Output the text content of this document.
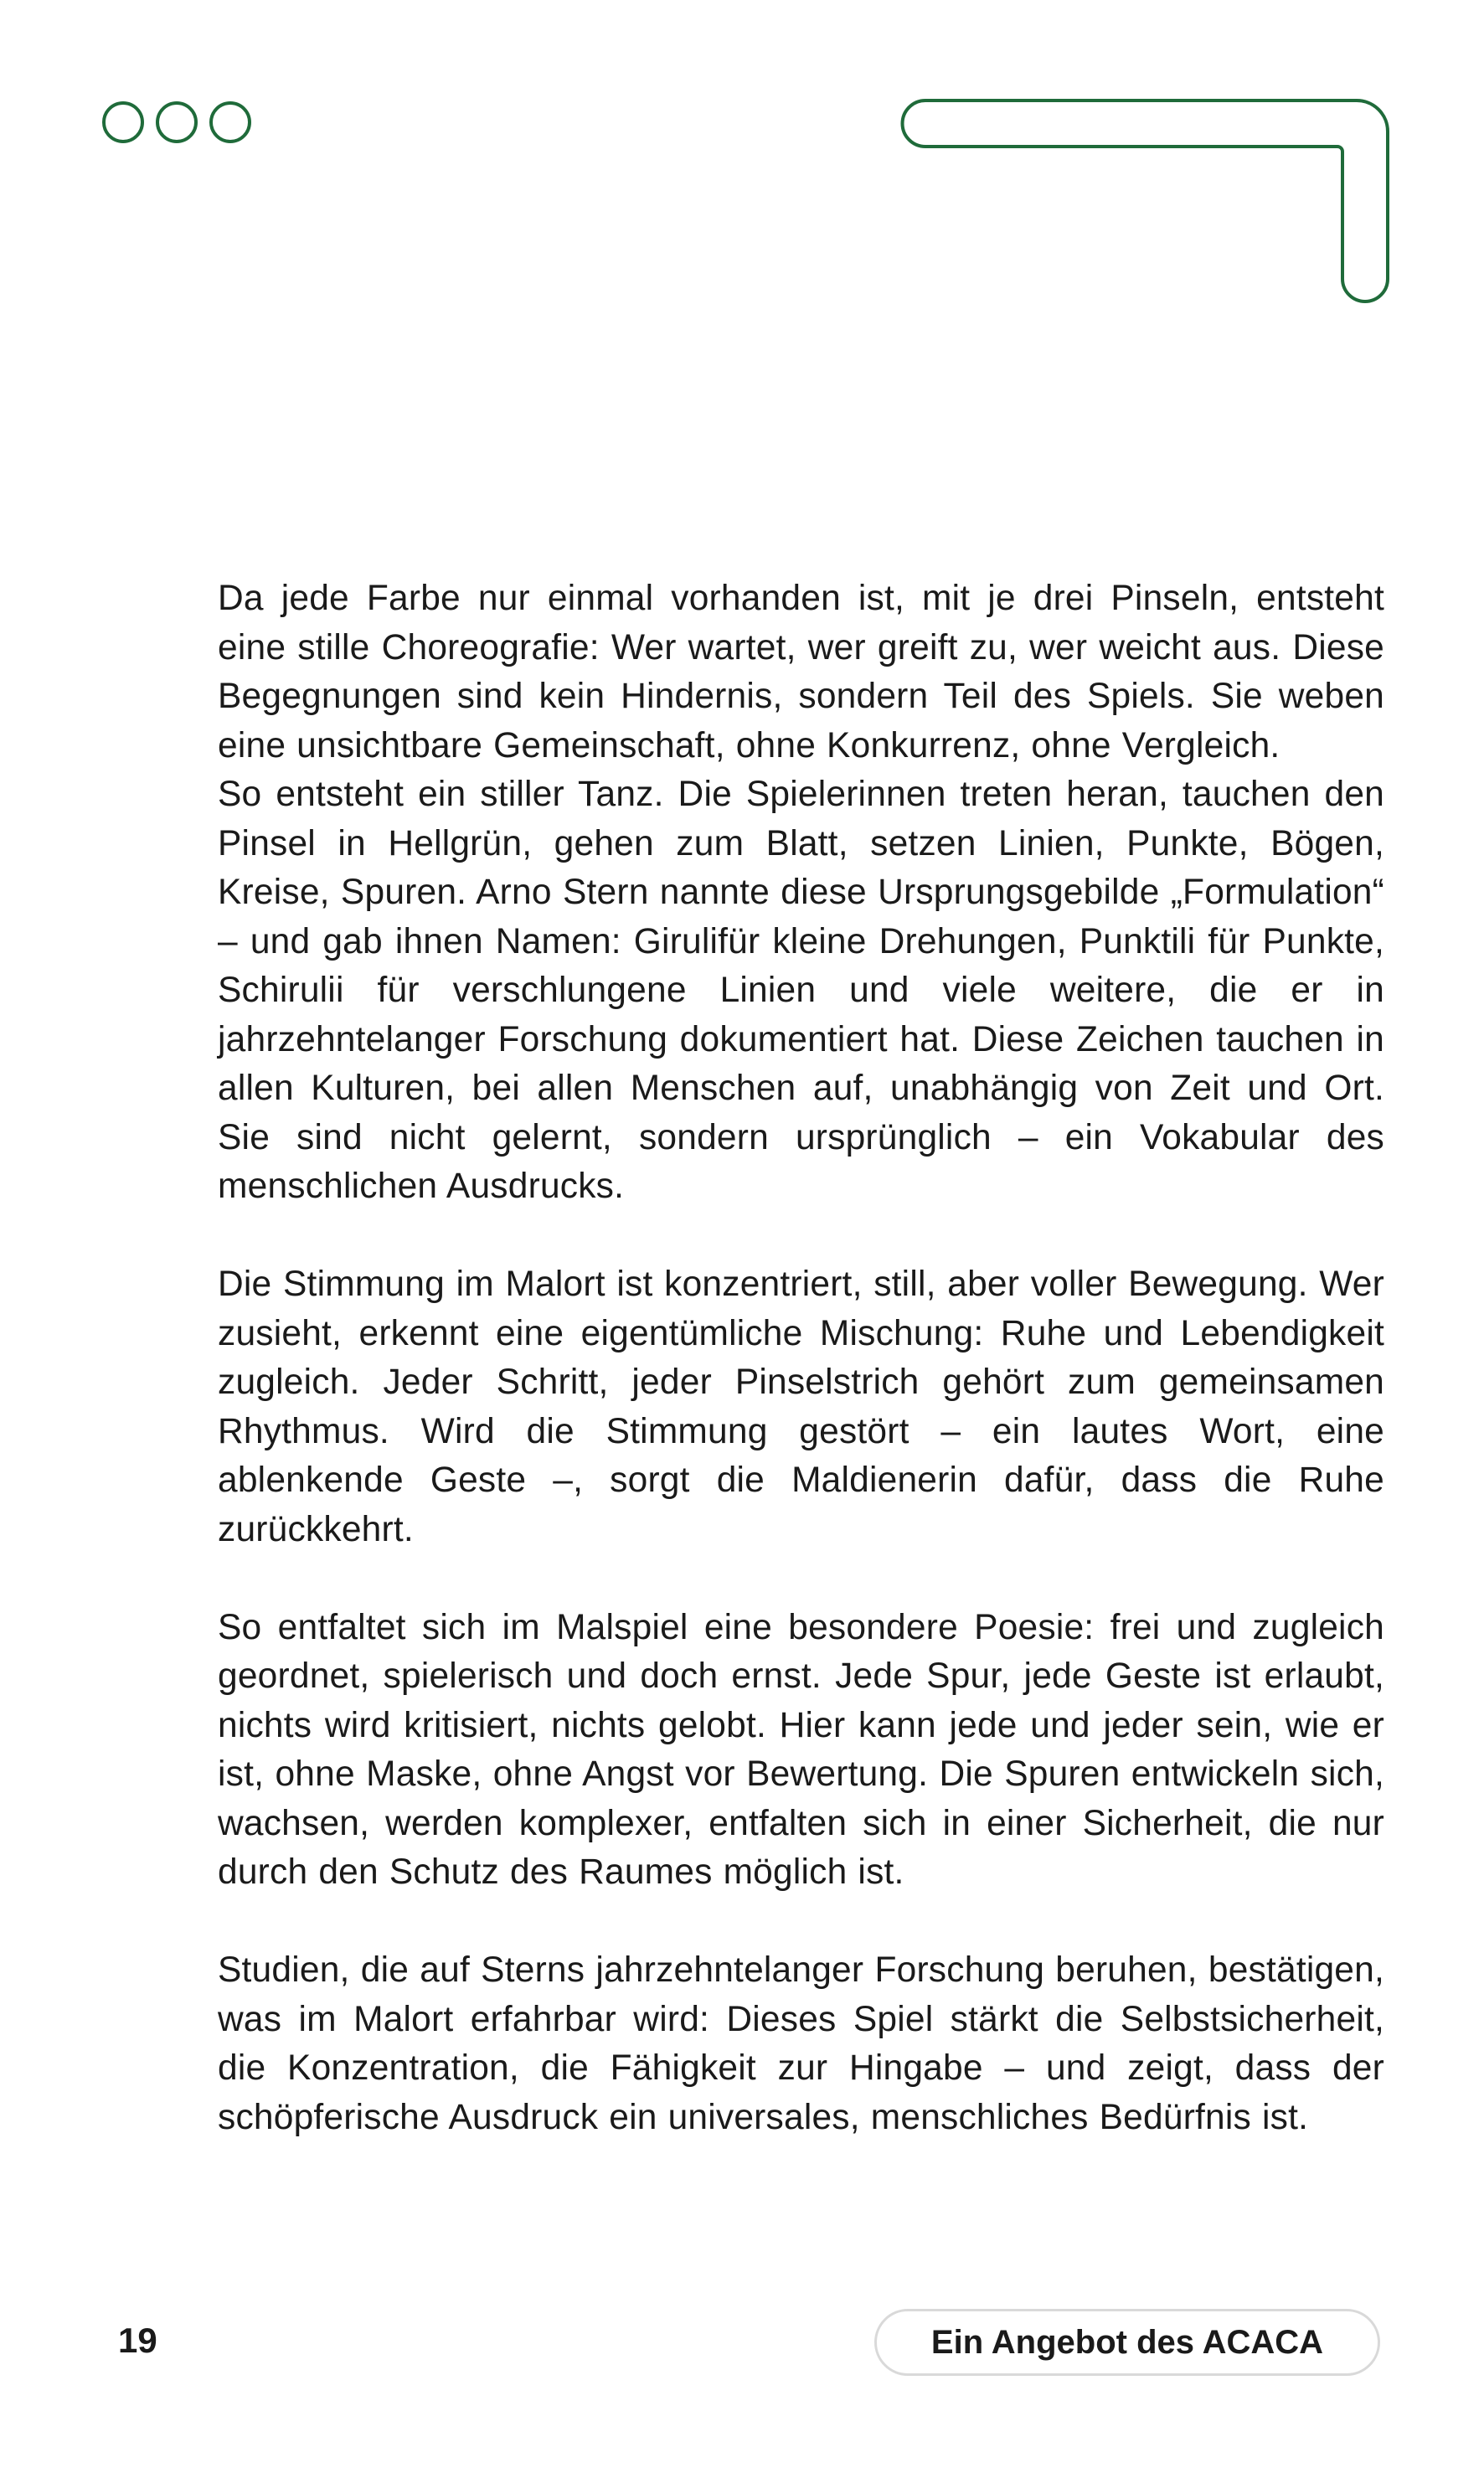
Da jede Farbe nur einmal vorhanden ist, mit je drei Pinseln, entsteht eine stille Choreografie: Wer wartet, wer greift zu, wer weicht aus. Diese Begegnungen sind kein Hindernis, sondern Teil des Spiels. Sie weben eine unsichtbare Gemeinschaft, ohne Konkurrenz, ohne Vergleich.

So entsteht ein stiller Tanz. Die Spielerinnen treten heran, tauchen den Pinsel in Hellgrün, gehen zum Blatt, setzen Linien, Punkte, Bögen, Kreise, Spuren. Arno Stern nannte diese Ursprungsgebilde „Formulation“ – und gab ihnen Namen: Girulifür kleine Drehungen, Punktili für Punkte, Schirulii für verschlungene Linien und viele weitere, die er in jahrzehntelanger Forschung dokumentiert hat. Diese Zeichen tauchen in allen Kulturen, bei allen Menschen auf, unabhängig von Zeit und Ort. Sie sind nicht gelernt, sondern ursprünglich – ein Vokabular des menschlichen Ausdrucks.

Die Stimmung im Malort ist konzentriert, still, aber voller Bewegung. Wer zusieht, erkennt eine eigentümliche Mischung: Ruhe und Lebendigkeit zugleich. Jeder Schritt, jeder Pinselstrich gehört zum gemeinsamen Rhythmus. Wird die Stimmung gestört – ein lautes Wort, eine ablenkende Geste –, sorgt die Maldienerin dafür, dass die Ruhe zurückkehrt.

So entfaltet sich im Malspiel eine besondere Poesie: frei und zugleich geordnet, spielerisch und doch ernst. Jede Spur, jede Geste ist erlaubt, nichts wird kritisiert, nichts gelobt. Hier kann jede und jeder sein, wie er ist, ohne Maske, ohne Angst vor Bewertung. Die Spuren entwickeln sich, wachsen, werden komplexer, entfalten sich in einer Sicherheit, die nur durch den Schutz des Raumes möglich ist.

Studien, die auf Sterns jahrzehntelanger Forschung beruhen, bestätigen, was im Malort erfahrbar wird: Dieses Spiel stärkt die Selbstsicherheit, die Konzentration, die Fähigkeit zur Hingabe – und zeigt, dass der schöpferische Ausdruck ein universales, menschliches Bedürfnis ist.

19	Ein Angebot des ACACA
